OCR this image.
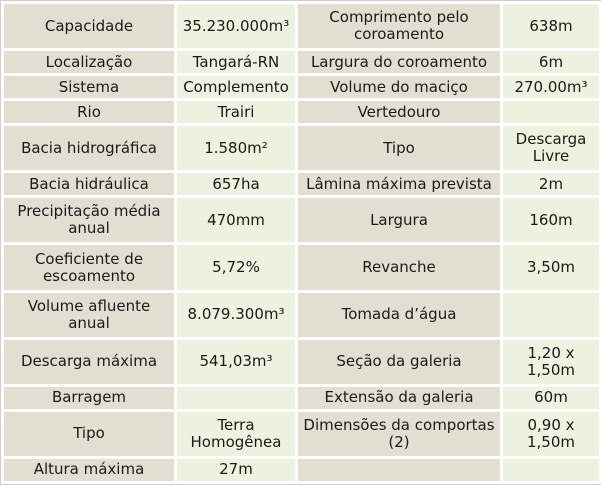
Capacidade	35.230.000m³	Comprimento pelo coroamento	638m
Localização	Tangará-RN	Largura do coroamento	6m
Sistema	Complemento	Volume do maciço	270.00m³
Rio	Trairi	Vertedouro	
Bacia hidrográfica	1.580m²	Tipo	Descarga Livre
Bacia hidráulica	657ha	Lâmina máxima prevista	2m
Precipitação média anual	470mm	Largura	160m
Coeficiente de escoamento	5,72%	Revanche	3,50m
Volume afluente anual	8.079.300m³	Tomada d’água	
Descarga máxima	541,03m³	Seção da galeria	1,20 x 1,50m
Barragem		Extensão da galeria	60m
Tipo	Terra Homogênea	Dimensões da comportas (2)	0,90 x 1,50m
Altura máxima	27m		
